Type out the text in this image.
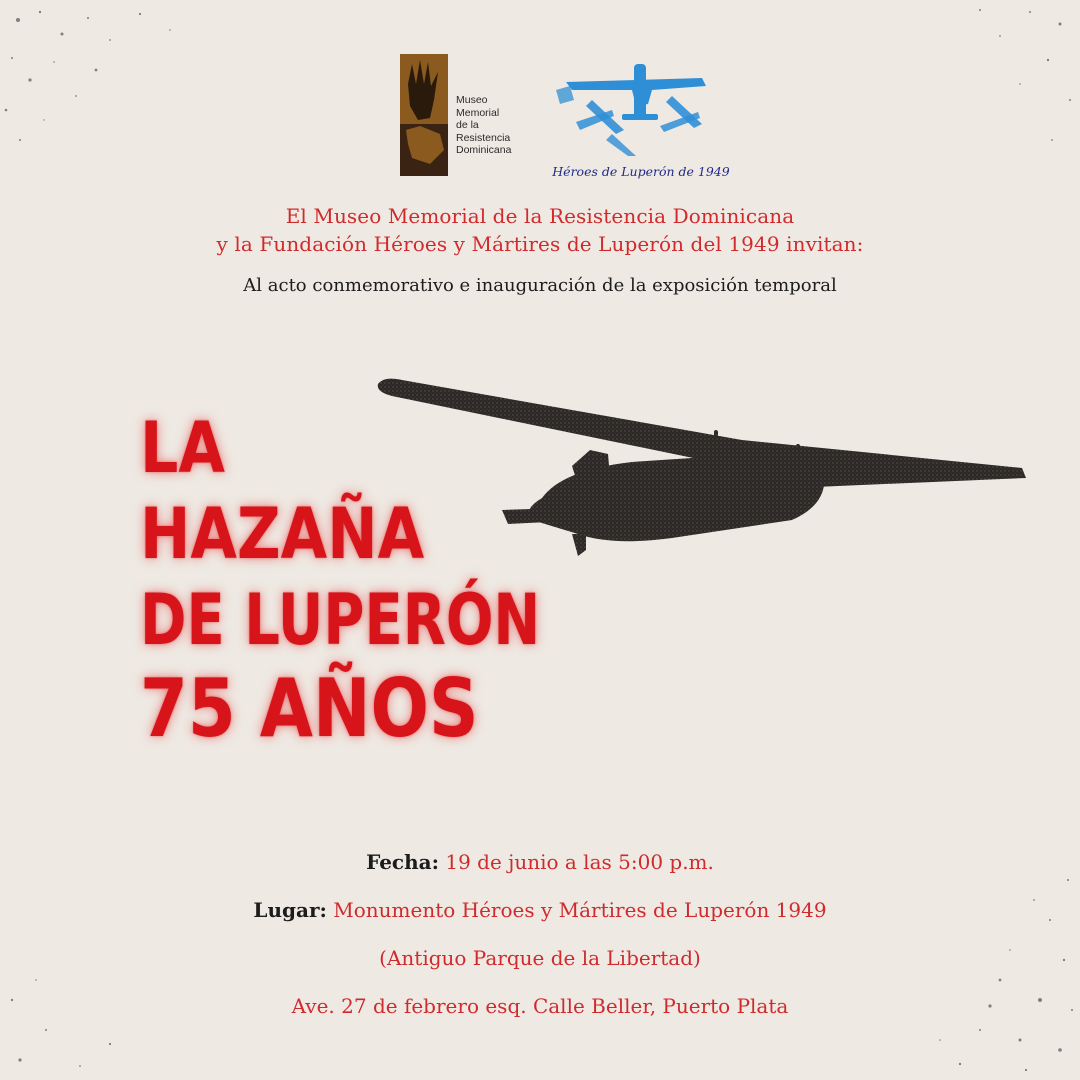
Museo
Memorial
de la
Resistencia
Dominicana
Héroes de Luperón de 1949
El Museo Memorial de la Resistencia Dominicana
y la Fundación Héroes y Mártires de Luperón del 1949 invitan:
Al acto conmemorativo e inauguración de la exposición temporal
LA
HAZAÑA
DE LUPERÓN
75 AÑOS
Fecha: 19 de junio a las 5:00 p.m.
Lugar: Monumento Héroes y Mártires de Luperón 1949
(Antiguo Parque de la Libertad)
Ave. 27 de febrero esq. Calle Beller, Puerto Plata
